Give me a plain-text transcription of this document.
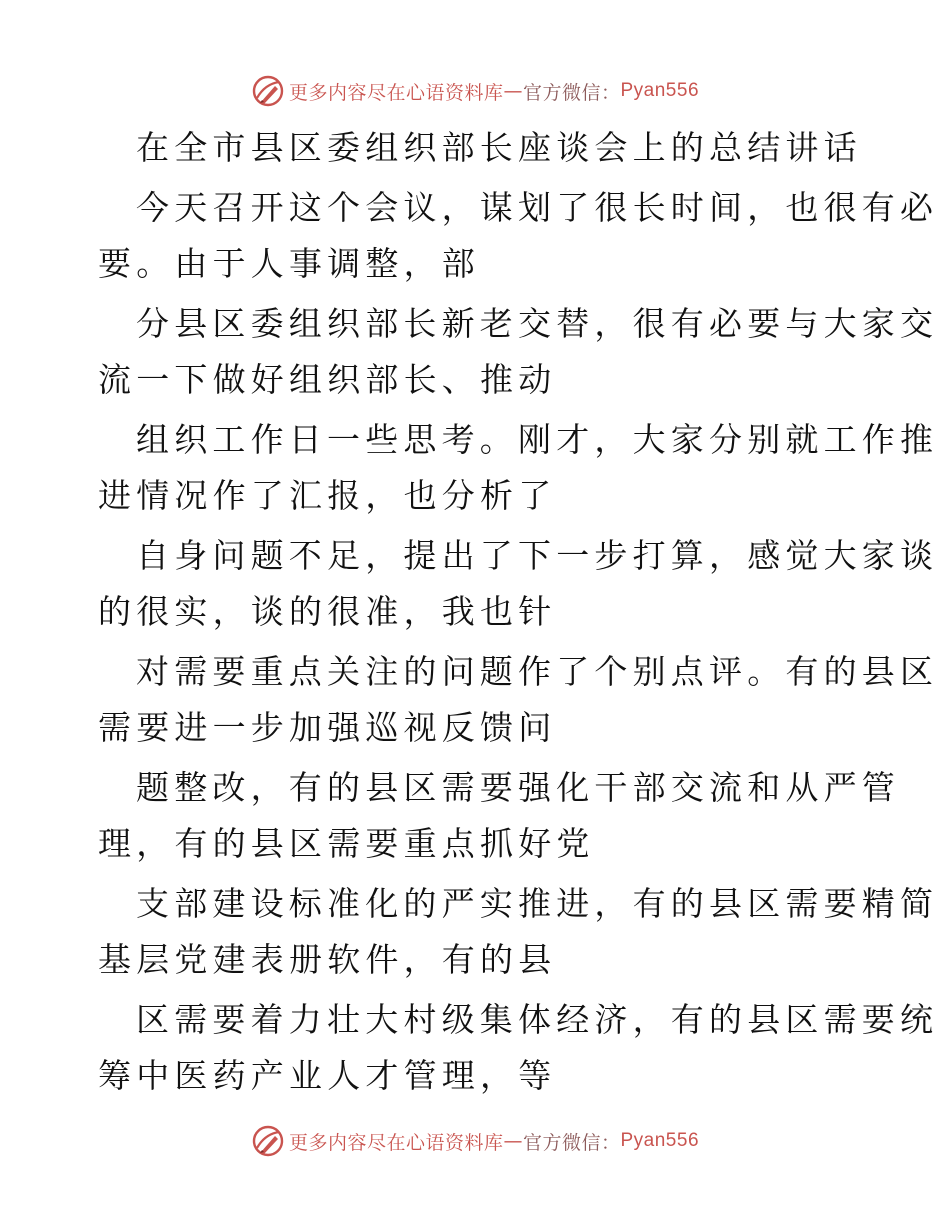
更多内容尽在心语资料库 — 官方微信： Pyan556
在全市县区委组织部长座谈会上的总结讲话
今天召开这个会议，谋划了很长时间，也很有必
要。由于人事调整，部
分县区委组织部长新老交替，很有必要与大家交
流一下做好组织部长、推动
组织工作日一些思考。刚才，大家分别就工作推
进情况作了汇报，也分析了
自身问题不足，提出了下一步打算，感觉大家谈
的很实，谈的很准，我也针
对需要重点关注的问题作了个别点评。有的县区
需要进一步加强巡视反馈问
题整改，有的县区需要强化干部交流和从严管
理，有的县区需要重点抓好党
支部建设标准化的严实推进，有的县区需要精简
基层党建表册软件，有的县
区需要着力壮大村级集体经济，有的县区需要统
筹中医药产业人才管理，等
更多内容尽在心语资料库 — 官方微信： Pyan556
